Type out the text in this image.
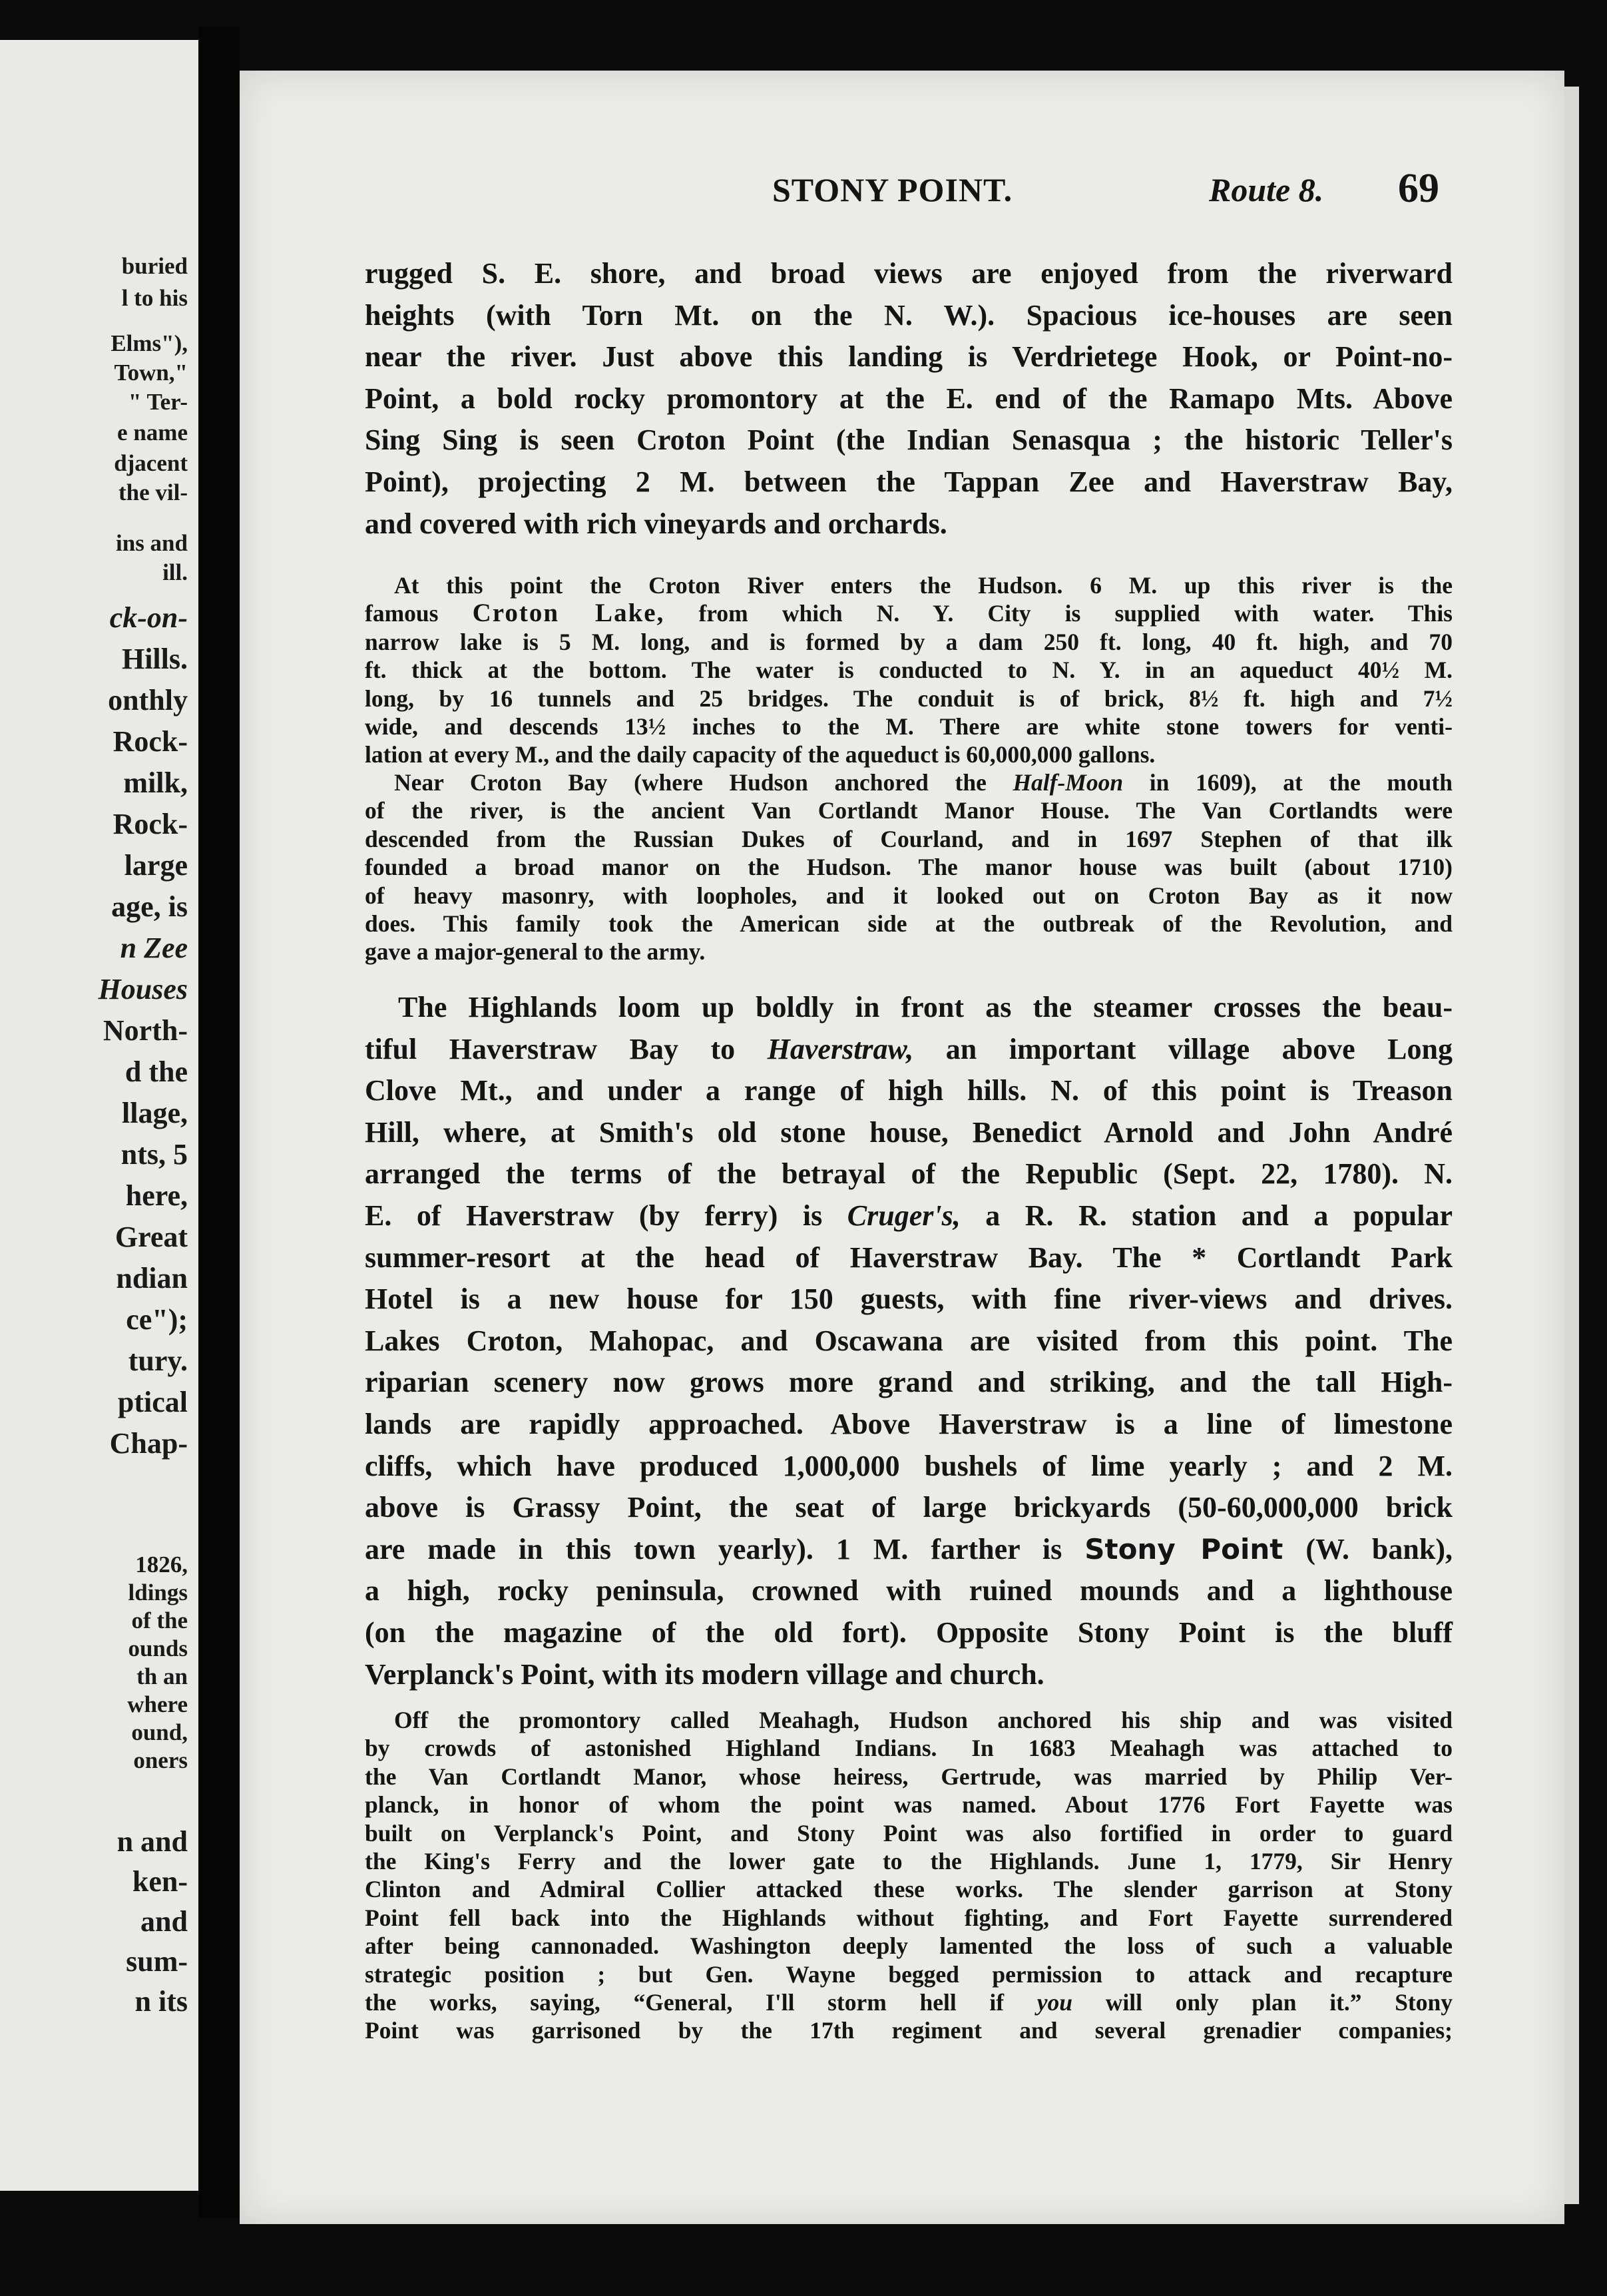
buried
l to his
Elms"),
Town,"
" Ter-
e name
djacent
the vil-
ins and
ill.
ck-on-
Hills.
onthly
Rock-
milk,
Rock-
large
age, is
n Zee
Houses
North-
d the
llage,
nts, 5
here,
Great
ndian
ce");
tury.
ptical
Chap-
1826,
ldings
of the
ounds
th an
where
ound,
oners
n and
ken-
and
sum-
n its
STONY POINT.	Route 8. 69
rugged S. E. shore, and broad views are enjoyed from the riverward
heights (with Torn Mt. on the N. W.). Spacious ice-houses are seen
near the river. Just above this landing is Verdrietege Hook, or Point-no-
Point, a bold rocky promontory at the E. end of the Ramapo Mts. Above
Sing Sing is seen Croton Point (the Indian Senasqua ; the historic Teller's
Point), projecting 2 M. between the Tappan Zee and Haverstraw Bay,
and covered with rich vineyards and orchards.
At this point the Croton River enters the Hudson. 6 M. up this river is the
famous Croton Lake, from which N. Y. City is supplied with water. This
narrow lake is 5 M. long, and is formed by a dam 250 ft. long, 40 ft. high, and 70
ft. thick at the bottom. The water is conducted to N. Y. in an aqueduct 40½ M.
long, by 16 tunnels and 25 bridges. The conduit is of brick, 8½ ft. high and 7½
wide, and descends 13½ inches to the M. There are white stone towers for venti-
lation at every M., and the daily capacity of the aqueduct is 60,000,000 gallons.
Near Croton Bay (where Hudson anchored the Half-Moon in 1609), at the mouth
of the river, is the ancient Van Cortlandt Manor House. The Van Cortlandts were
descended from the Russian Dukes of Courland, and in 1697 Stephen of that ilk
founded a broad manor on the Hudson. The manor house was built (about 1710)
of heavy masonry, with loopholes, and it looked out on Croton Bay as it now
does. This family took the American side at the outbreak of the Revolution, and
gave a major-general to the army.
The Highlands loom up boldly in front as the steamer crosses the beau-
tiful Haverstraw Bay to Haverstraw, an important village above Long
Clove Mt., and under a range of high hills. N. of this point is Treason
Hill, where, at Smith's old stone house, Benedict Arnold and John André
arranged the terms of the betrayal of the Republic (Sept. 22, 1780). N.
E. of Haverstraw (by ferry) is Cruger's, a R. R. station and a popular
summer-resort at the head of Haverstraw Bay. The * Cortlandt Park
Hotel is a new house for 150 guests, with fine river-views and drives.
Lakes Croton, Mahopac, and Oscawana are visited from this point. The
riparian scenery now grows more grand and striking, and the tall High-
lands are rapidly approached. Above Haverstraw is a line of limestone
cliffs, which have produced 1,000,000 bushels of lime yearly ; and 2 M.
above is Grassy Point, the seat of large brickyards (50-60,000,000 brick
are made in this town yearly). 1 M. farther is Stony Point (W. bank),
a high, rocky peninsula, crowned with ruined mounds and a lighthouse
(on the magazine of the old fort). Opposite Stony Point is the bluff
Verplanck's Point, with its modern village and church.
Off the promontory called Meahagh, Hudson anchored his ship and was visited
by crowds of astonished Highland Indians. In 1683 Meahagh was attached to
the Van Cortlandt Manor, whose heiress, Gertrude, was married by Philip Ver-
planck, in honor of whom the point was named. About 1776 Fort Fayette was
built on Verplanck's Point, and Stony Point was also fortified in order to guard
the King's Ferry and the lower gate to the Highlands. June 1, 1779, Sir Henry
Clinton and Admiral Collier attacked these works. The slender garrison at Stony
Point fell back into the Highlands without fighting, and Fort Fayette surrendered
after being cannonaded. Washington deeply lamented the loss of such a valuable
strategic position ; but Gen. Wayne begged permission to attack and recapture
the works, saying, “General, I'll storm hell if you will only plan it.” Stony
Point was garrisoned by the 17th regiment and several grenadier companies;
